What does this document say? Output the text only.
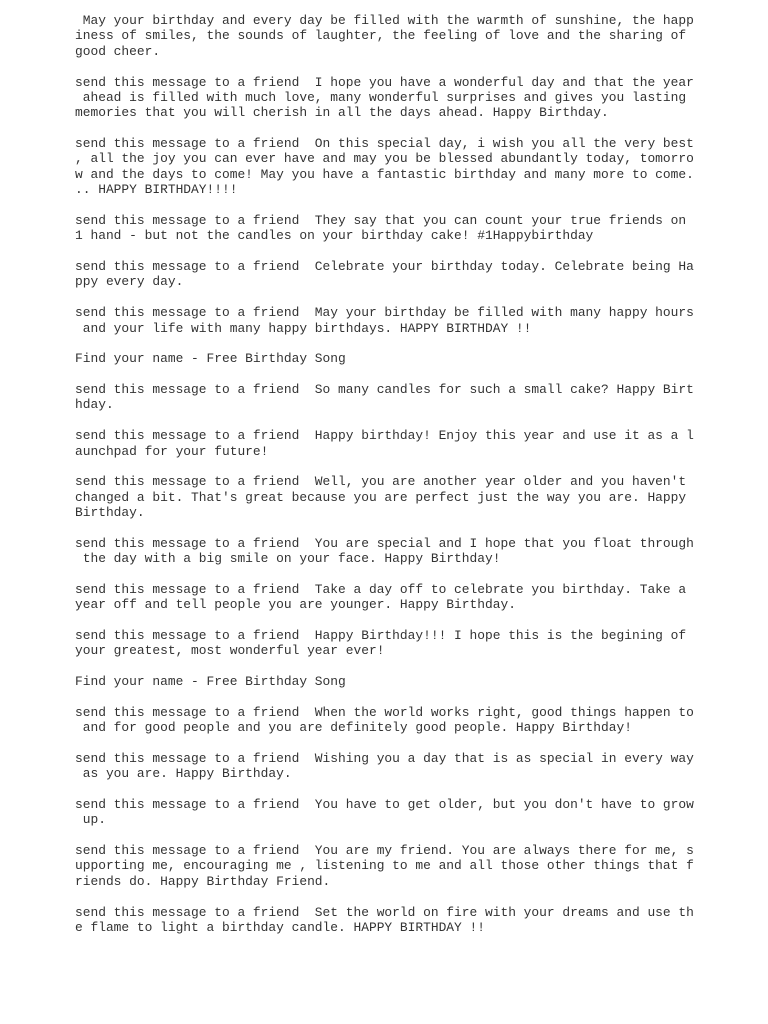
May your birthday and every day be filled with the warmth of sunshine, the happ
iness of smiles, the sounds of laughter, the feeling of love and the sharing of
good cheer.
send this message to a friend  I hope you have a wonderful day and that the year
ahead is filled with much love, many wonderful surprises and gives you lasting
memories that you will cherish in all the days ahead. Happy Birthday.
send this message to a friend  On this special day, i wish you all the very best
, all the joy you can ever have and may you be blessed abundantly today, tomorro
w and the days to come! May you have a fantastic birthday and many more to come.
.. HAPPY BIRTHDAY!!!!
send this message to a friend  They say that you can count your true friends on
1 hand - but not the candles on your birthday cake! #1Happybirthday
send this message to a friend  Celebrate your birthday today. Celebrate being Ha
ppy every day.
send this message to a friend  May your birthday be filled with many happy hours
and your life with many happy birthdays. HAPPY BIRTHDAY !!
Find your name - Free Birthday Song
send this message to a friend  So many candles for such a small cake? Happy Birt
hday.
send this message to a friend  Happy birthday! Enjoy this year and use it as a l
aunchpad for your future!
send this message to a friend  Well, you are another year older and you haven't
changed a bit. That's great because you are perfect just the way you are. Happy
Birthday.
send this message to a friend  You are special and I hope that you float through
the day with a big smile on your face. Happy Birthday!
send this message to a friend  Take a day off to celebrate you birthday. Take a
year off and tell people you are younger. Happy Birthday.
send this message to a friend  Happy Birthday!!! I hope this is the begining of
your greatest, most wonderful year ever!
Find your name - Free Birthday Song
send this message to a friend  When the world works right, good things happen to
and for good people and you are definitely good people. Happy Birthday!
send this message to a friend  Wishing you a day that is as special in every way
as you are. Happy Birthday.
send this message to a friend  You have to get older, but you don't have to grow
up.
send this message to a friend  You are my friend. You are always there for me, s
upporting me, encouraging me , listening to me and all those other things that f
riends do. Happy Birthday Friend.
send this message to a friend  Set the world on fire with your dreams and use th
e flame to light a birthday candle. HAPPY BIRTHDAY !!
